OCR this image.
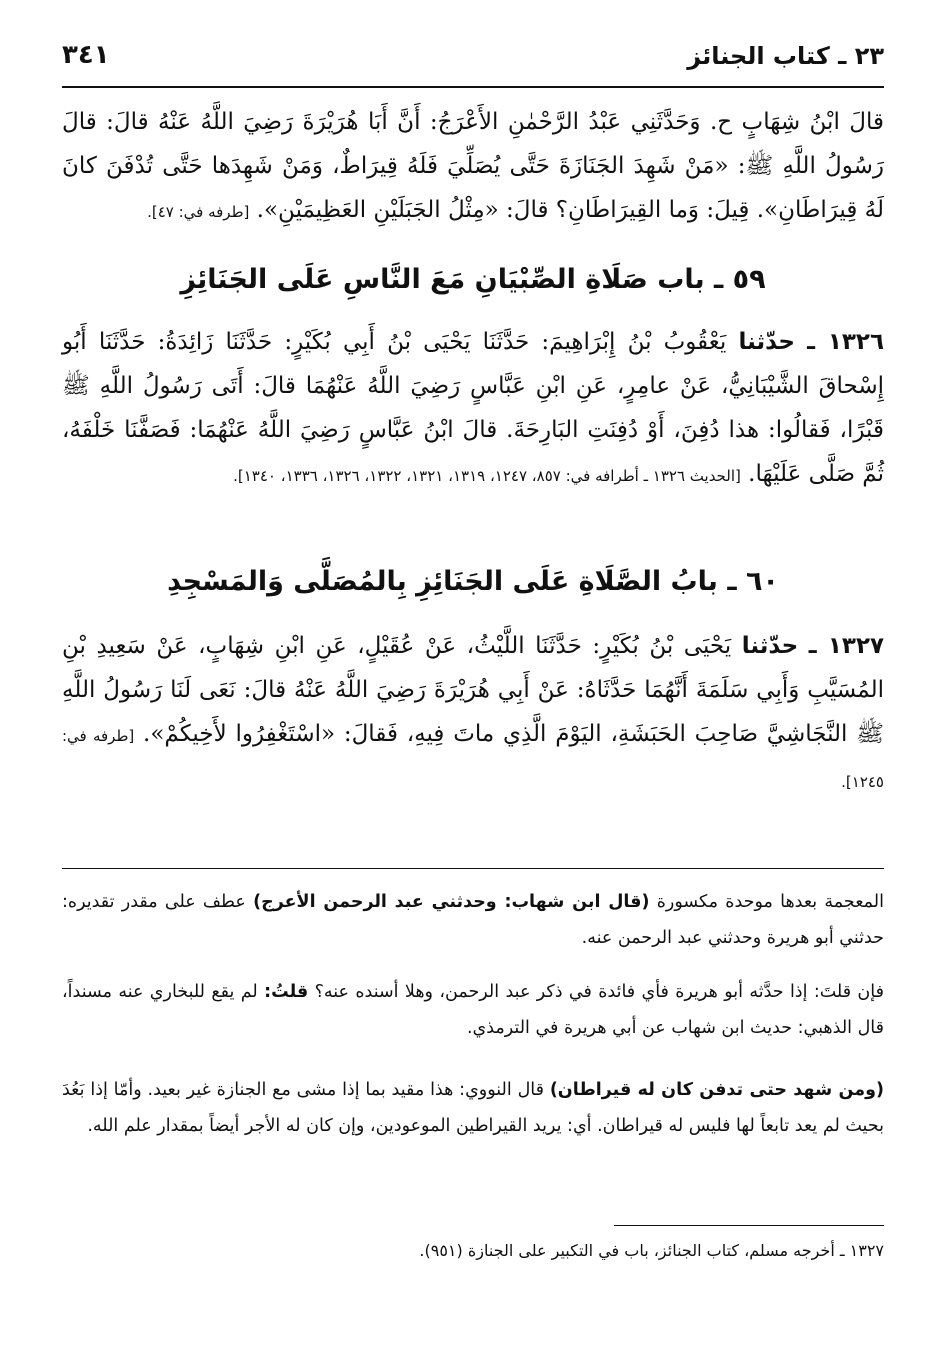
٢٣ ـ كتاب الجنائز
٣٤١
قالَ ابْنُ شِهَابٍ ح. وَحَدَّثَنِي عَبْدُ الرَّحْمٰنِ الأَعْرَجُ: أَنَّ أَبَا هُرَيْرَةَ رَضِيَ اللَّهُ عَنْهُ قالَ: قالَ رَسُولُ اللَّهِ ﷺ: «مَنْ شَهِدَ الجَنَازَةَ حَتَّى يُصَلِّيَ فَلَهُ قِيرَاطٌ، وَمَنْ شَهِدَها حَتَّى تُدْفَنَ كانَ لَهُ قِيرَاطَانِ». قِيلَ: وَما القِيرَاطَانِ؟ قالَ: «مِثْلُ الجَبَلَيْنِ العَظِيمَيْنِ». [طرفه في: ٤٧].
٥٩ ـ باب صَلَاةِ الصِّبْيَانِ مَعَ النَّاسِ عَلَى الجَنَائِزِ
١٣٢٦ ـ حدّثنا يَعْقُوبُ بْنُ إِبْرَاهِيمَ: حَدَّثَنَا يَحْيَى بْنُ أَبِي بُكَيْرٍ: حَدَّثَنَا زَائِدَةُ: حَدَّثَنَا أَبُو إِسْحاقَ الشَّيْبَانِيُّ، عَنْ عامِرٍ، عَنِ ابْنِ عَبَّاسٍ رَضِيَ اللَّهُ عَنْهُمَا قالَ: أَتَى رَسُولُ اللَّهِ ﷺ قَبْرًا، فَقالُوا: هذا دُفِنَ، أَوْ دُفِنَتِ البَارِحَةَ. قالَ ابْنُ عَبَّاسٍ رَضِيَ اللَّهُ عَنْهُمَا: فَصَفَّنَا خَلْفَهُ، ثُمَّ صَلَّى عَلَيْهَا. [الحديث ١٣٢٦ ـ أطرافه في: ٨٥٧، ١٢٤٧، ١٣١٩، ١٣٢١، ١٣٢٢، ١٣٢٦، ١٣٣٦، ١٣٤٠].
٦٠ ـ بابُ الصَّلَاةِ عَلَى الجَنَائِزِ بِالمُصَلَّى وَالمَسْجِدِ
١٣٢٧ ـ حدّثنا يَحْيَى بْنُ بُكَيْرٍ: حَدَّثَنَا اللَّيْثُ، عَنْ عُقَيْلٍ، عَنِ ابْنِ شِهَابٍ، عَنْ سَعِيدِ بْنِ المُسَيَّبِ وَأَبِي سَلَمَةَ أَنَّهُمَا حَدَّثَاهُ: عَنْ أَبِي هُرَيْرَةَ رَضِيَ اللَّهُ عَنْهُ قالَ: نَعَى لَنَا رَسُولُ اللَّهِ ﷺ النَّجَاشِيَّ صَاحِبَ الحَبَشَةِ، اليَوْمَ الَّذِي ماتَ فِيهِ، فَقالَ: «اسْتَغْفِرُوا لأَخِيكُمْ». [طرفه في: ١٢٤٥].
المعجمة بعدها موحدة مكسورة (قال ابن شهاب: وحدثني عبد الرحمن الأعرج) عطف على مقدر تقديره: حدثني أبو هريرة وحدثني عبد الرحمن عنه.
فإن قلتَ: إذا حدَّثه أبو هريرة فأي فائدة في ذكر عبد الرحمن، وهلا أسنده عنه؟ قلتُ: لم يقع للبخاري عنه مسنداً، قال الذهبي: حديث ابن شهاب عن أبي هريرة في الترمذي.
(ومن شهد حتى تدفن كان له قيراطان) قال النووي: هذا مقيد بما إذا مشى مع الجنازة غير بعيد. وأمّا إذا بَعُدَ بحيث لم يعد تابعاً لها فليس له قيراطان. أي: يريد القيراطين الموعودين، وإن كان له الأجر أيضاً بمقدار علم الله.
١٣٢٧ ـ أخرجه مسلم، كتاب الجنائز، باب في التكبير على الجنازة (٩٥١).
